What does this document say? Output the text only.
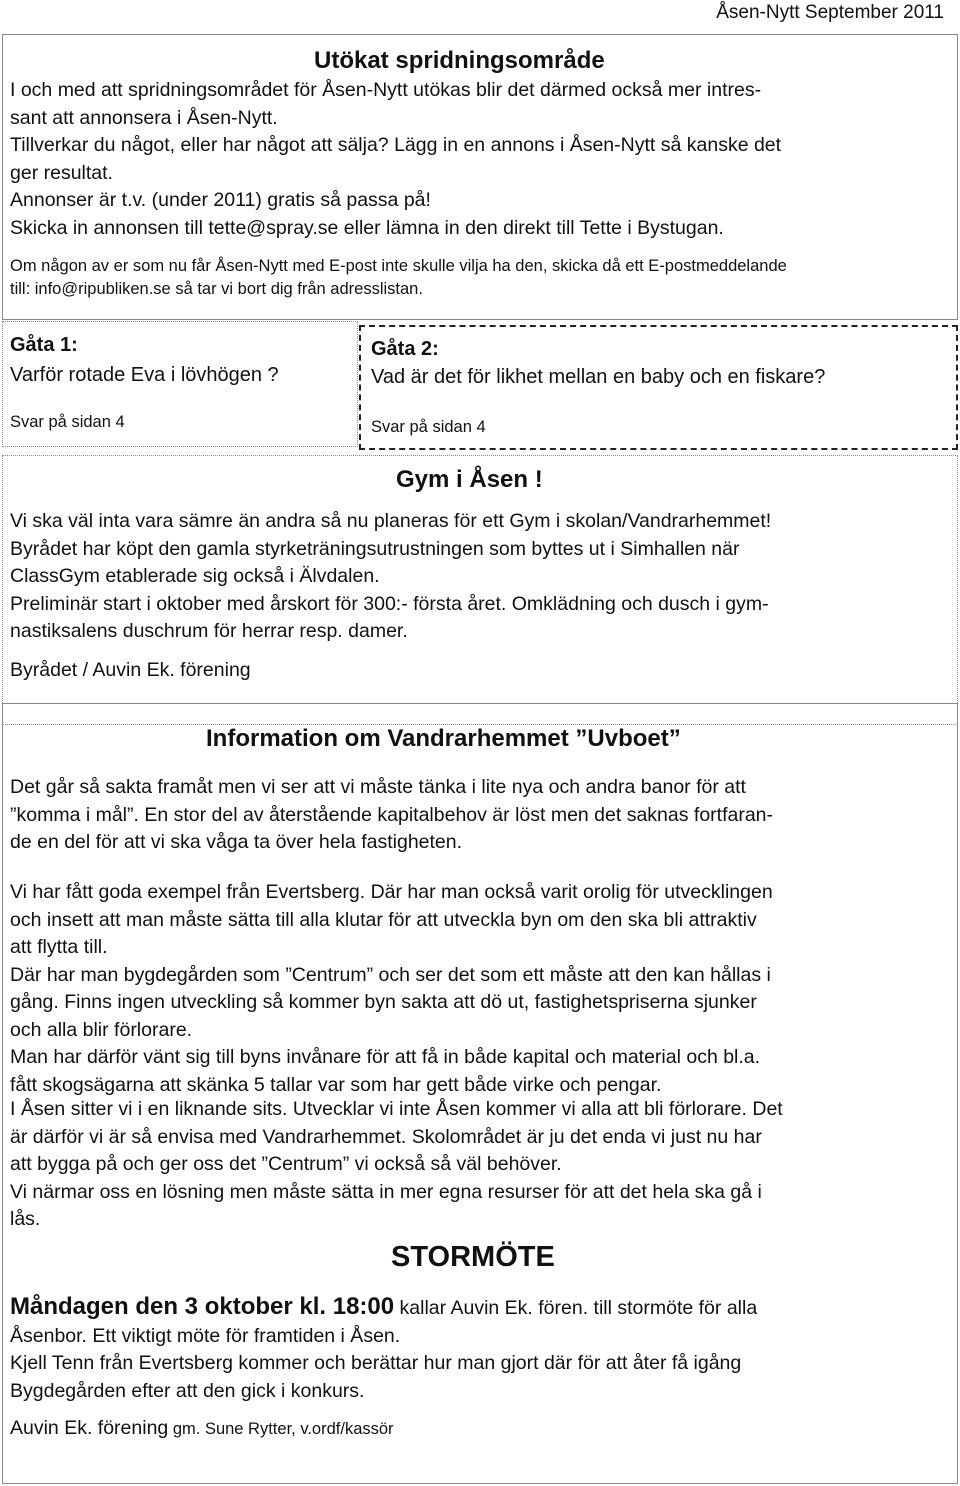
Åsen-Nytt September 2011
Utökat spridningsområde
I och med att spridningsområdet för Åsen-Nytt utökas blir det därmed också mer intres-
sant att annonsera i Åsen-Nytt.
Tillverkar du något, eller har något att sälja? Lägg in en annons i Åsen-Nytt så kanske det
ger resultat.
Annonser är t.v. (under 2011) gratis så passa på!
Skicka in annonsen till tette@spray.se eller lämna in den direkt till Tette i Bystugan.
Om någon av er som nu får Åsen-Nytt med E-post inte skulle vilja ha den, skicka då ett E-postmeddelande
till: info@ripubliken.se så tar vi bort dig från adresslistan.
Gåta 1:
Varför rotade Eva i lövhögen ?
Svar på sidan 4
Gåta 2:
Vad är det för likhet mellan en baby och en fiskare?
Svar på sidan 4
Gym i Åsen !
Vi ska väl inta vara sämre än andra så nu planeras för ett Gym i skolan/Vandrarhemmet!
Byrådet har köpt den gamla styrketräningsutrustningen som byttes ut i Simhallen när
ClassGym etablerade sig också i Älvdalen.
Preliminär start i oktober med årskort för 300:- första året. Omklädning och dusch i gym-
nastiksalens duschrum för herrar resp. damer.
Byrådet / Auvin Ek. förening
Information om Vandrarhemmet ”Uvboet”
Det går så sakta framåt men vi ser att vi måste tänka i lite nya och andra banor för att
”komma i mål”. En stor del av återstående kapitalbehov är löst men det saknas fortfaran-
de en del för att vi ska våga ta över hela fastigheten.
Vi har fått goda exempel från Evertsberg. Där har man också varit orolig för utvecklingen
och insett att man måste sätta till alla klutar för att utveckla byn om den ska bli attraktiv
att flytta till.
Där har man bygdegården som ”Centrum” och ser det som ett måste att den kan hållas i
gång. Finns ingen utveckling så kommer byn sakta att dö ut, fastighetspriserna sjunker
och alla blir förlorare.
Man har därför vänt sig till byns invånare för att få in både kapital och material och bl.a.
fått skogsägarna att skänka 5 tallar var som har gett både virke och pengar.
I Åsen sitter vi i en liknande sits. Utvecklar vi inte Åsen kommer vi alla att bli förlorare. Det
är därför vi är så envisa med Vandrarhemmet. Skolområdet är ju det enda vi just nu har
att bygga på och ger oss det ”Centrum” vi också så väl behöver.
Vi närmar oss en lösning men måste sätta in mer egna resurser för att det hela ska gå i
lås.
STORMÖTE
Måndagen den 3 oktober kl. 18:00 kallar Auvin Ek. fören. till stormöte för alla
Åsenbor. Ett viktigt möte för framtiden i Åsen.
Kjell Tenn från Evertsberg kommer och berättar hur man gjort där för att åter få igång
Bygdegården efter att den gick i konkurs.
Auvin Ek. förening gm. Sune Rytter, v.ordf/kassör
